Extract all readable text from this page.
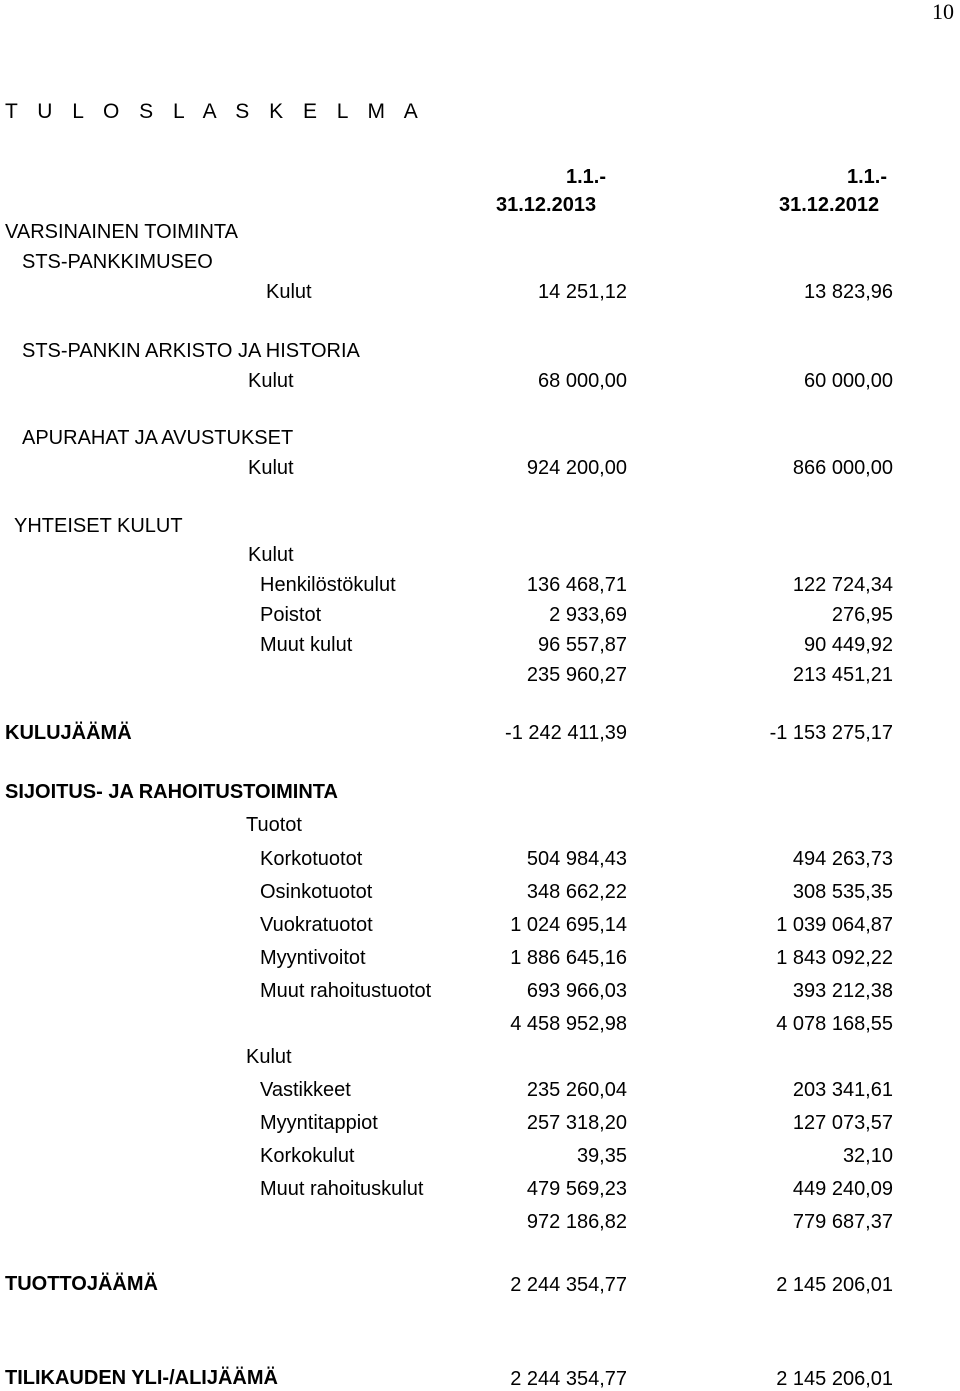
10
T U L O S L A S K E L M A
1.1.-
31.12.2013
1.1.-
31.12.2012
VARSINAINEN TOIMINTA
STS-PANKKIMUSEO
Kulut	14 251,12	13 823,96
STS-PANKIN ARKISTO JA HISTORIA
Kulut	68 000,00	60 000,00
APURAHAT JA AVUSTUKSET
Kulut	924 200,00	866 000,00
YHTEISET KULUT
Kulut
Henkilöstökulut	136 468,71	122 724,34
Poistot	2 933,69	276,95
Muut kulut	96 557,87	90 449,92
235 960,27	213 451,21
KULUJÄÄMÄ	-1 242 411,39	-1 153 275,17
SIJOITUS- JA RAHOITUSTOIMINTA
Tuotot
Korkotuotot	504 984,43	494 263,73
Osinkotuotot	348 662,22	308 535,35
Vuokratuotot	1 024 695,14	1 039 064,87
Myyntivoitot	1 886 645,16	1 843 092,22
Muut rahoitustuotot	693 966,03	393 212,38
4 458 952,98	4 078 168,55
Kulut
Vastikkeet	235 260,04	203 341,61
Myyntitappiot	257 318,20	127 073,57
Korkokulut	39,35	32,10
Muut rahoituskulut	479 569,23	449 240,09
972 186,82	779 687,37
TUOTTOJÄÄMÄ	2 244 354,77	2 145 206,01
TILIKAUDEN YLI-/ALIJÄÄMÄ	2 244 354,77	2 145 206,01
